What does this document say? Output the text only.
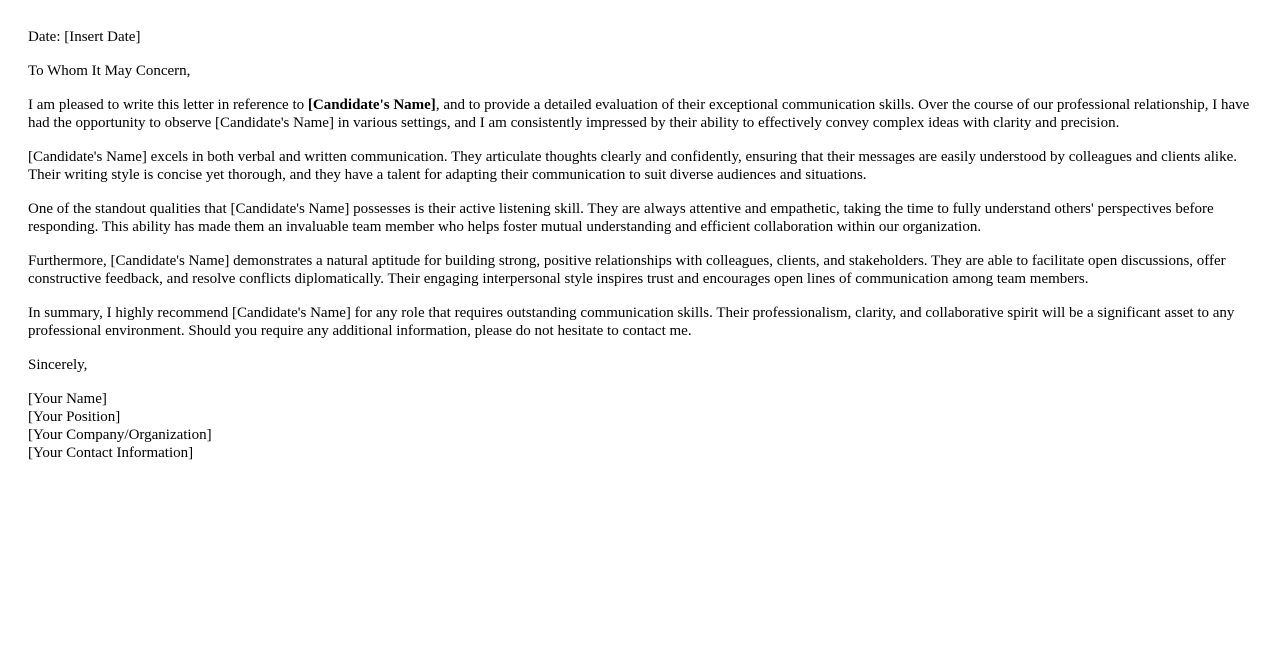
Date: [Insert Date]

To Whom It May Concern,

I am pleased to write this letter in reference to [Candidate's Name], and to provide a detailed evaluation of their exceptional communication skills. Over the course of our professional relationship, I have had the opportunity to observe [Candidate's Name] in various settings, and I am consistently impressed by their ability to effectively convey complex ideas with clarity and precision.

[Candidate's Name] excels in both verbal and written communication. They articulate thoughts clearly and confidently, ensuring that their messages are easily understood by colleagues and clients alike. Their writing style is concise yet thorough, and they have a talent for adapting their communication to suit diverse audiences and situations.

One of the standout qualities that [Candidate's Name] possesses is their active listening skill. They are always attentive and empathetic, taking the time to fully understand others' perspectives before responding. This ability has made them an invaluable team member who helps foster mutual understanding and efficient collaboration within our organization.

Furthermore, [Candidate's Name] demonstrates a natural aptitude for building strong, positive relationships with colleagues, clients, and stakeholders. They are able to facilitate open discussions, offer constructive feedback, and resolve conflicts diplomatically. Their engaging interpersonal style inspires trust and encourages open lines of communication among team members.

In summary, I highly recommend [Candidate's Name] for any role that requires outstanding communication skills. Their professionalism, clarity, and collaborative spirit will be a significant asset to any professional environment. Should you require any additional information, please do not hesitate to contact me.

Sincerely,

[Your Name]
[Your Position]
[Your Company/Organization]
[Your Contact Information]
